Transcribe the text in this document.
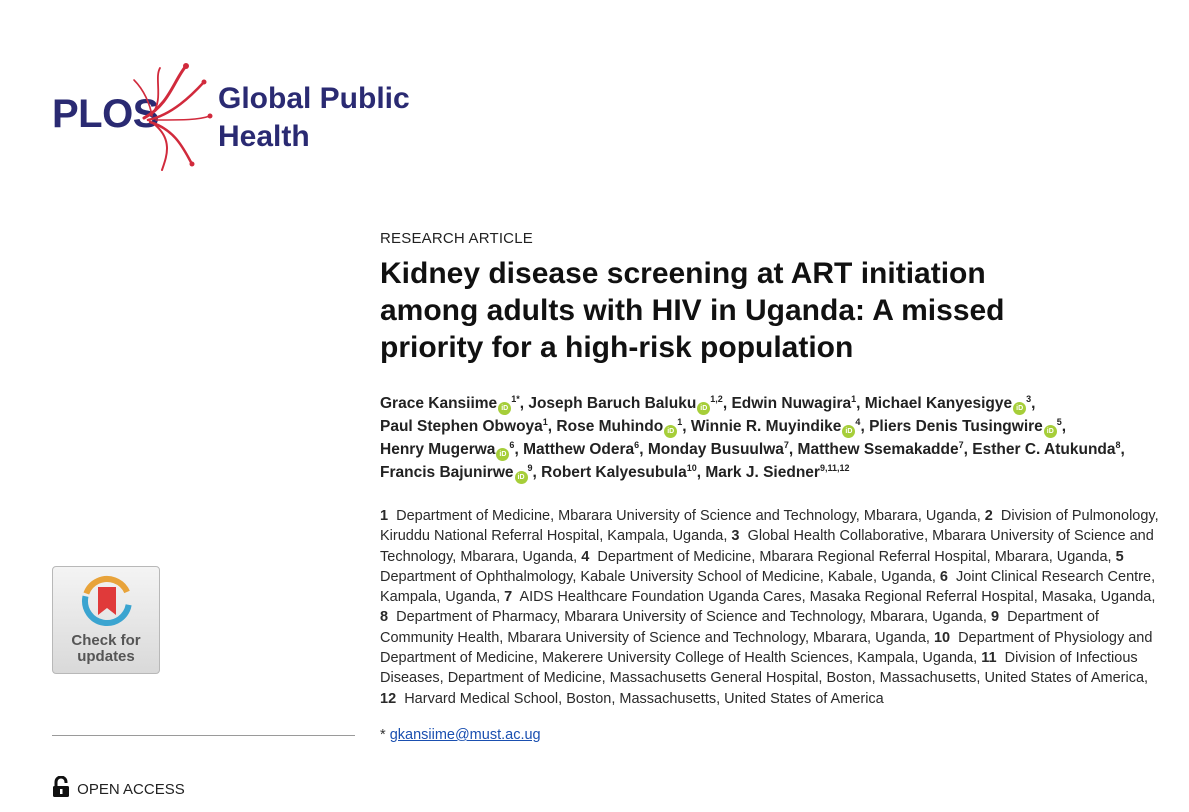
PLOS Global Public
Health
RESEARCH ARTICLE
Kidney disease screening at ART initiation among adults with HIV in Uganda: A missed priority for a high-risk population
Grace Kansiime $iD^{1*}$, Joseph Baruch Baluku iD$^{1,2}$, Edwin Nuwagira$^1$, Michael Kanyesigye $iD^3$, Paul Stephen Obwoya$^1$, Rose Muhindo $iD^1$, Winnie R. Muyindike $iD^4$, Pliers Denis Tusingwire $iD^5$, Henry Mugerwa $iD^6$, Matthew Odera$^6$, Monday Busuulwa$^7$, Matthew Ssemakadde$^7$, Esther C. Atukunda$^8$, Francis Bajunirwe $iD^9$, Robert Kalyesubula$^{10}$, Mark J. Siedner$^{9,11,12}$
1 Department of Medicine, Mbarara University of Science and Technology, Mbarara, Uganda, 2 Division of Pulmonology, Kiruddu National Referral Hospital, Kampala, Uganda, 3 Global Health Collaborative, Mbarara University of Science and Technology, Mbarara, Uganda, 4 Department of Medicine, Mbarara Regional Referral Hospital, Mbarara, Uganda, 5  Department of Ophthalmology, Kabale University School of Medicine, Kabale, Uganda, 6 Joint Clinical Research Centre, Kampala, Uganda, 7 AIDS Healthcare Foundation Uganda Cares, Masaka Regional Referral Hospital, Masaka, Uganda, 8 Department of Pharmacy, Mbarara University of Science and Technology, Mbarara, Uganda, 9 Department of Community Health, Mbarara University of Science and Technology, Mbarara, Uganda, 10 Department of Physiology and Department of Medicine, Makerere University College of Health Sciences, Kampala, Uganda, 11 Division of Infectious Diseases, Department of Medicine, Massachusetts General Hospital, Boston, Massachusetts, United States of America, 12 Harvard Medical School, Boston, Massachusetts, United States of America
* gkansiime@must.ac.ug
Check for
updates
OPEN ACCESS
